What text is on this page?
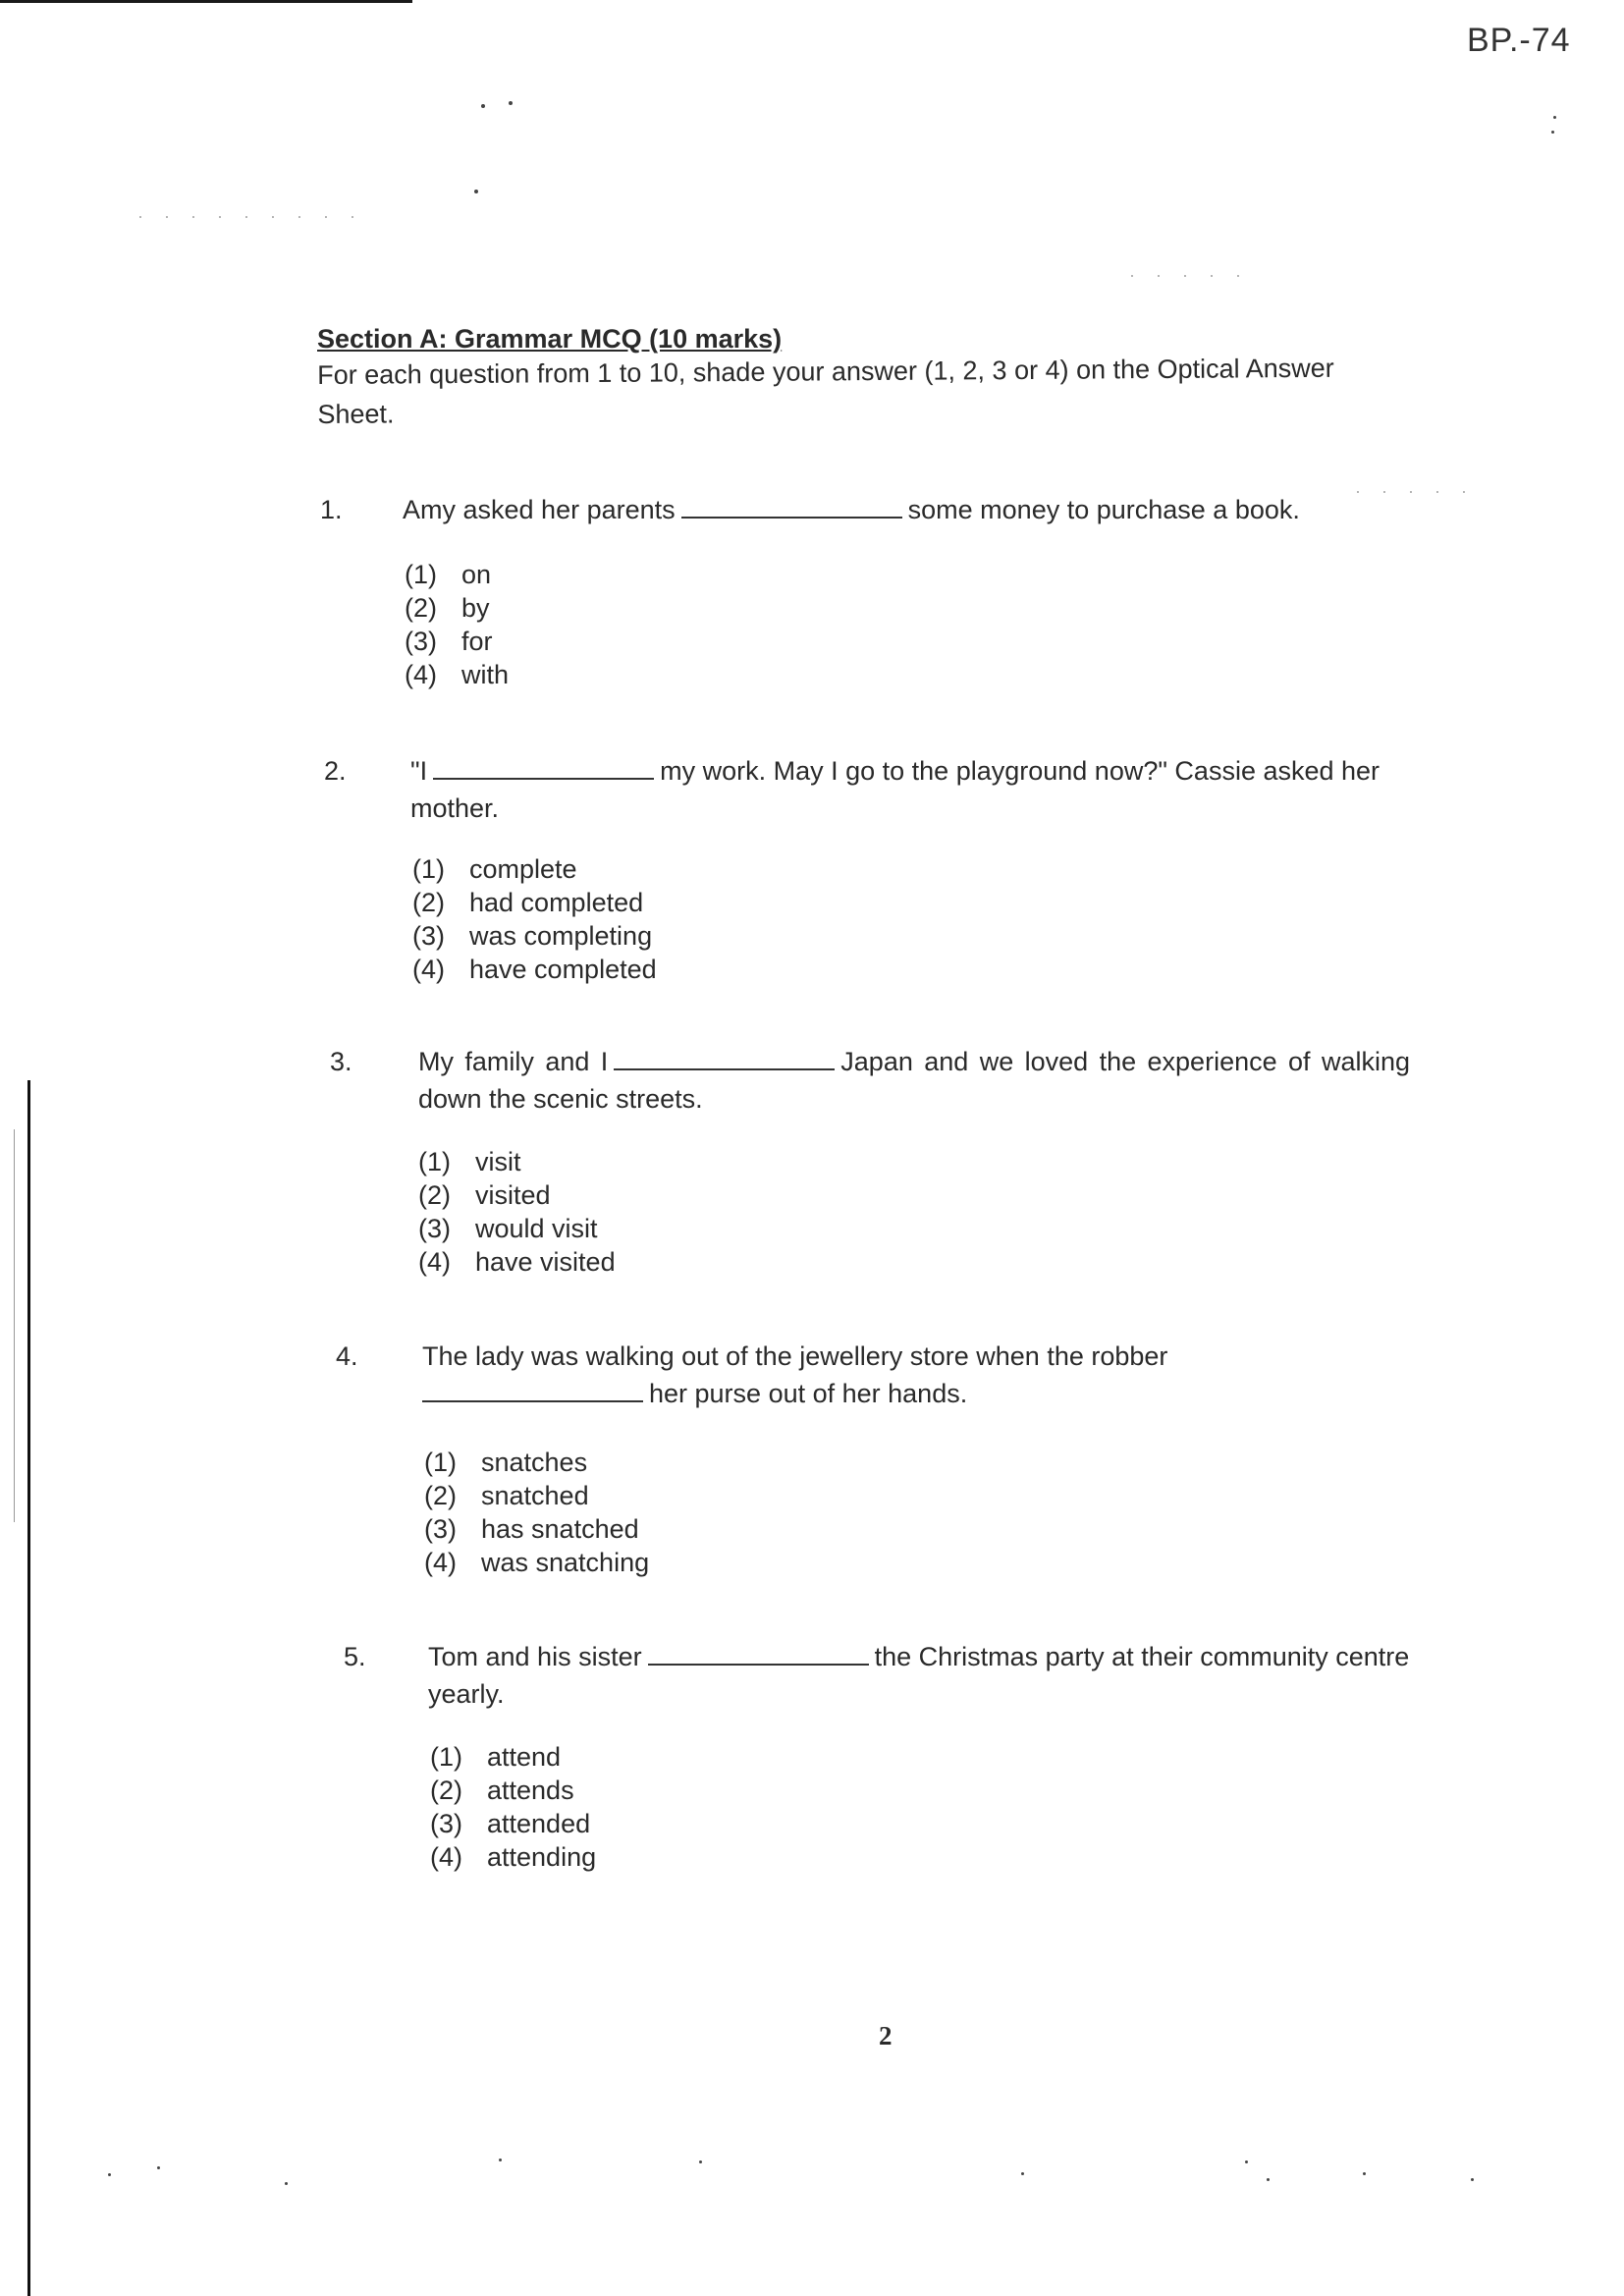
· · · · · · · · ·
· · · · ·
· · · · ·
BP.-74
Section A: Grammar MCQ (10 marks)
For each question from 1 to 10, shade your answer (1, 2, 3 or 4) on the Optical Answer Sheet.
1.	Amy asked her parents	some money to purchase a book.
(1) on
(2) by
(3) for
(4) with
2.	"I	my work. May I go to the playground now?" Cassie asked her mother.
(1) complete
(2) had completed
(3) was completing
(4) have completed
3.	My family and I	Japan and we loved the experience of walking down the scenic streets.
(1) visit
(2) visited
(3) would visit
(4) have visited
4.	The lady was walking out of the jewellery store when the robber
her purse out of her hands.
(1) snatches
(2) snatched
(3) has snatched
(4) was snatching
5.	Tom and his sister	the Christmas party at their community centre yearly.
(1) attend
(2) attends
(3) attended
(4) attending
2
